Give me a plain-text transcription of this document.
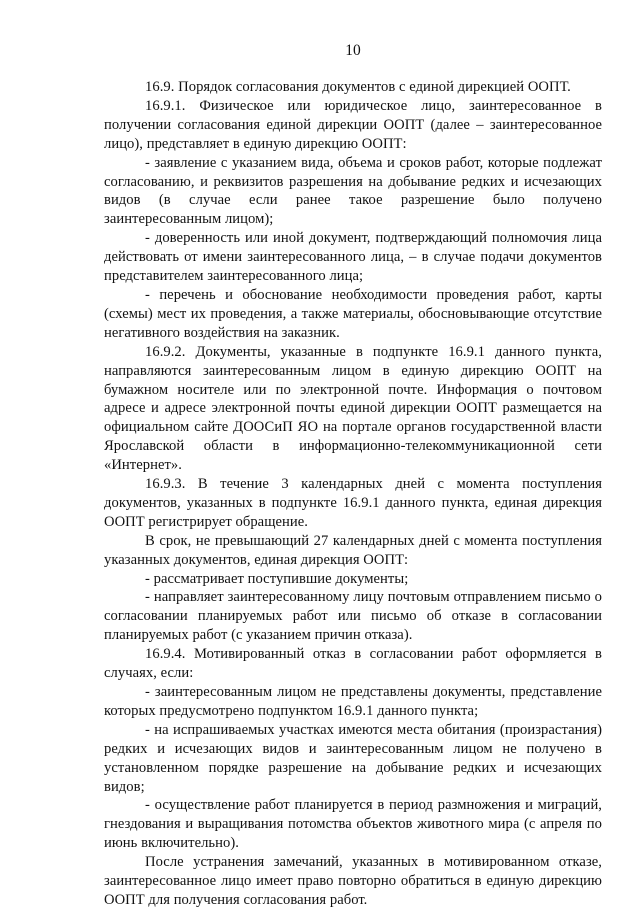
10

16.9. Порядок согласования документов с единой дирекцией ООПТ.

16.9.1. Физическое или юридическое лицо, заинтересованное в получении согласования единой дирекции ООПТ (далее – заинтересованное лицо), представляет в единую дирекцию ООПТ:

- заявление с указанием вида, объема и сроков работ, которые подлежат согласованию, и реквизитов разрешения на добывание редких и исчезающих видов (в случае если ранее такое разрешение было получено заинтересованным лицом);

- доверенность или иной документ, подтверждающий полномочия лица действовать от имени заинтересованного лица, – в случае подачи документов представителем заинтересованного лица;

- перечень и обоснование необходимости проведения работ, карты (схемы) мест их проведения, а также материалы, обосновывающие отсутствие негативного воздействия на заказник.

16.9.2. Документы, указанные в подпункте 16.9.1 данного пункта, направляются заинтересованным лицом в единую дирекцию ООПТ на бумажном носителе или по электронной почте. Информация о почтовом адресе и адресе электронной почты единой дирекции ООПТ размещается на официальном сайте ДООСиП ЯО на портале органов государственной власти Ярославской области в информационно-телекоммуникационной сети «Интернет».

16.9.3. В течение 3 календарных дней с момента поступления документов, указанных в подпункте 16.9.1 данного пункта, единая дирекция ООПТ регистрирует обращение.

В срок, не превышающий 27 календарных дней с момента поступления указанных документов, единая дирекция ООПТ:

- рассматривает поступившие документы;

- направляет заинтересованному лицу почтовым отправлением письмо о согласовании планируемых работ или письмо об отказе в согласовании планируемых работ (с указанием причин отказа).

16.9.4. Мотивированный отказ в согласовании работ оформляется в случаях, если:

- заинтересованным лицом не представлены документы, представление которых предусмотрено подпунктом 16.9.1 данного пункта;

- на испрашиваемых участках имеются места обитания (произрастания) редких и исчезающих видов и заинтересованным лицом не получено в установленном порядке разрешение на добывание редких и исчезающих видов;

- осуществление работ планируется в период размножения и миграций, гнездования и выращивания потомства объектов животного мира (с апреля по июнь включительно).

После устранения замечаний, указанных в мотивированном отказе, заинтересованное лицо имеет право повторно обратиться в единую дирекцию ООПТ для получения согласования работ.
